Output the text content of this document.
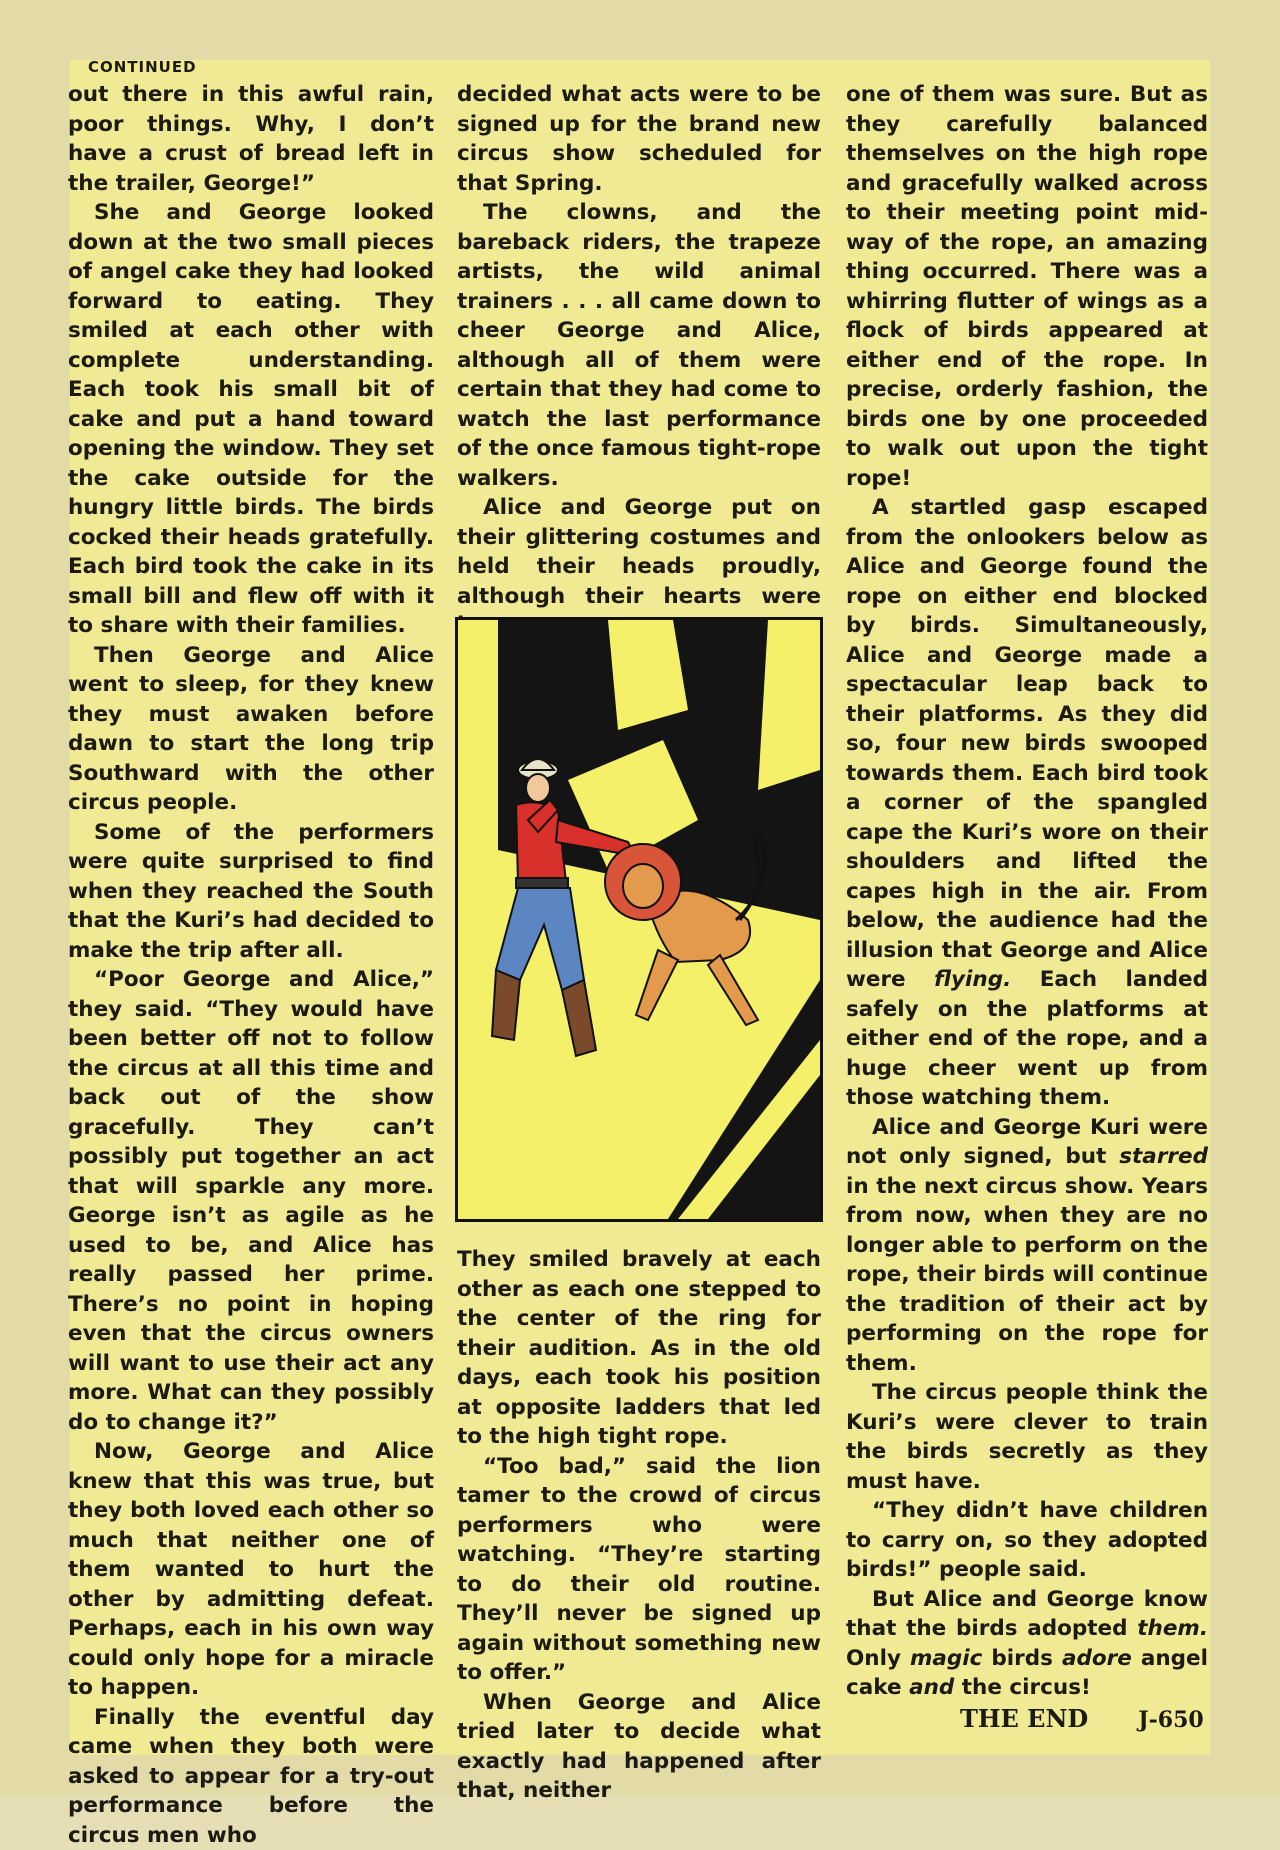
CONTINUED

out there in this awful rain, poor things. Why, I don’t have a crust of bread left in the trailer, George!”

She and George looked down at the two small pieces of angel cake they had looked forward to eating. They smiled at each other with complete understanding. Each took his small bit of cake and put a hand toward opening the window. They set the cake outside for the hungry little birds. The birds cocked their heads gratefully. Each bird took the cake in its small bill and flew off with it to share with their families.

Then George and Alice went to sleep, for they knew they must awaken before dawn to start the long trip Southward with the other circus people.

Some of the performers were quite surprised to find when they reached the South that the Kuri’s had decided to make the trip after all.

“Poor George and Alice,” they said. “They would have been better off not to follow the circus at all this time and back out of the show gracefully. They can’t possibly put together an act that will sparkle any more. George isn’t as agile as he used to be, and Alice has really passed her prime. There’s no point in hoping even that the circus owners will want to use their act any more. What can they possibly do to change it?”

Now, George and Alice knew that this was true, but they both loved each other so much that neither one of them wanted to hurt the other by admitting defeat. Perhaps, each in his own way could only hope for a miracle to happen.

Finally the eventful day came when they both were asked to appear for a try-out performance before the circus men who

decided what acts were to be signed up for the brand new circus show scheduled for that Spring.

The clowns, and the bareback riders, the trapeze artists, the wild animal trainers . . . all came down to cheer George and Alice, although all of them were certain that they had come to watch the last performance of the once famous tight-rope walkers.

Alice and George put on their glittering costumes and held their heads proudly, although their hearts were

They smiled bravely at each other as each one stepped to the center of the ring for their audition. As in the old days, each took his position at opposite ladders that led to the high tight rope.

“Too bad,” said the lion tamer to the crowd of circus performers who were watching. “They’re starting to do their old routine. They’ll never be signed up again without something new to offer.”

When George and Alice tried later to decide what exactly had happened after that, neither

one of them was sure. But as they carefully balanced themselves on the high rope and gracefully walked across to their meeting point mid-way of the rope, an amazing thing occurred. There was a whirring flutter of wings as a flock of birds appeared at either end of the rope. In precise, orderly fashion, the birds one by one proceeded to walk out upon the tight rope!

A startled gasp escaped from the onlookers below as Alice and George found the rope on either end blocked by birds. Simultaneously, Alice and George made a spectacular leap back to their platforms. As they did so, four new birds swooped towards them. Each bird took a corner of the spangled cape the Kuri’s wore on their shoulders and lifted the capes high in the air. From below, the audience had the illusion that George and Alice were flying. Each landed safely on the platforms at either end of the rope, and a huge cheer went up from those watching them.

Alice and George Kuri were not only signed, but starred in the next circus show. Years from now, when they are no longer able to perform on the rope, their birds will continue the tradition of their act by performing on the rope for them.

The circus people think the Kuri’s were clever to train the birds secretly as they must have.

“They didn’t have children to carry on, so they adopted birds!” people said.

But Alice and George know that the birds adopted them. Only magic birds adore angel cake and the circus!

THE END J-650
